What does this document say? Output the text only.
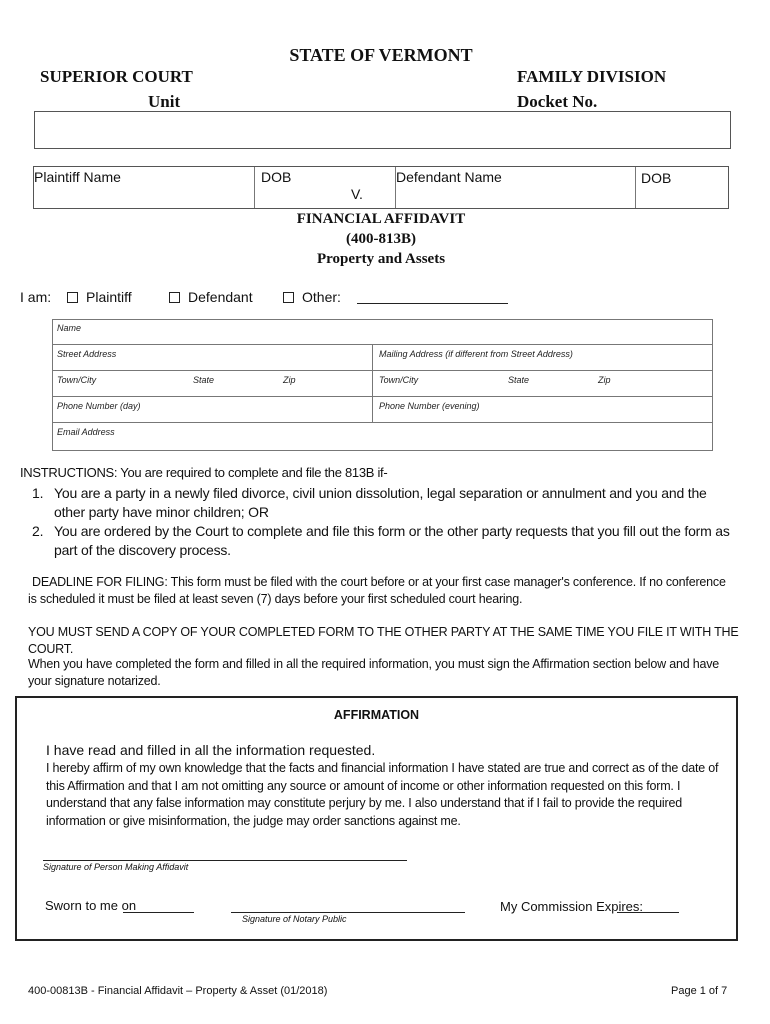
STATE OF VERMONT
SUPERIOR COURT	FAMILY DIVISION
Unit	Docket No.
Plaintiff Name	DOB
V.
Defendant Name	DOB
FINANCIAL AFFIDAVIT
(400-813B)
Property and Assets
I am:	Plaintiff	Defendant	Other:
Name
Street Address	Mailing Address (if different from Street Address)
Town/City	State	Zip	Town/City	State	Zip
Phone Number (day)	Phone Number (evening)
Email Address
INSTRUCTIONS: You are required to complete and file the 813B if-
1. You are a party in a newly filed divorce, civil union dissolution, legal separation or annulment and you and the other party have minor children; OR
2. You are ordered by the Court to complete and file this form or the other party requests that you fill out the form as part of the discovery process.
DEADLINE FOR FILING: This form must be filed with the court before or at your first case manager's conference. If no conference is scheduled it must be filed at least seven (7) days before your first scheduled court hearing.
YOU MUST SEND A COPY OF YOUR COMPLETED FORM TO THE OTHER PARTY AT THE SAME TIME YOU FILE IT WITH THE COURT.
When you have completed the form and filled in all the required information, you must sign the Affirmation section below and have your signature notarized.
AFFIRMATION
I have read and filled in all the information requested.
I hereby affirm of my own knowledge that the facts and financial information I have stated are true and correct as of the date of this Affirmation and that I am not omitting any source or amount of income or other information requested on this form. I understand that any false information may constitute perjury by me. I also understand that if I fail to provide the required information or give misinformation, the judge may order sanctions against me.
Signature of Person Making Affidavit
Sworn to me on
Signature of Notary Public
My Commission Expires:
400-00813B - Financial Affidavit – Property & Asset (01/2018)	Page 1 of 7
